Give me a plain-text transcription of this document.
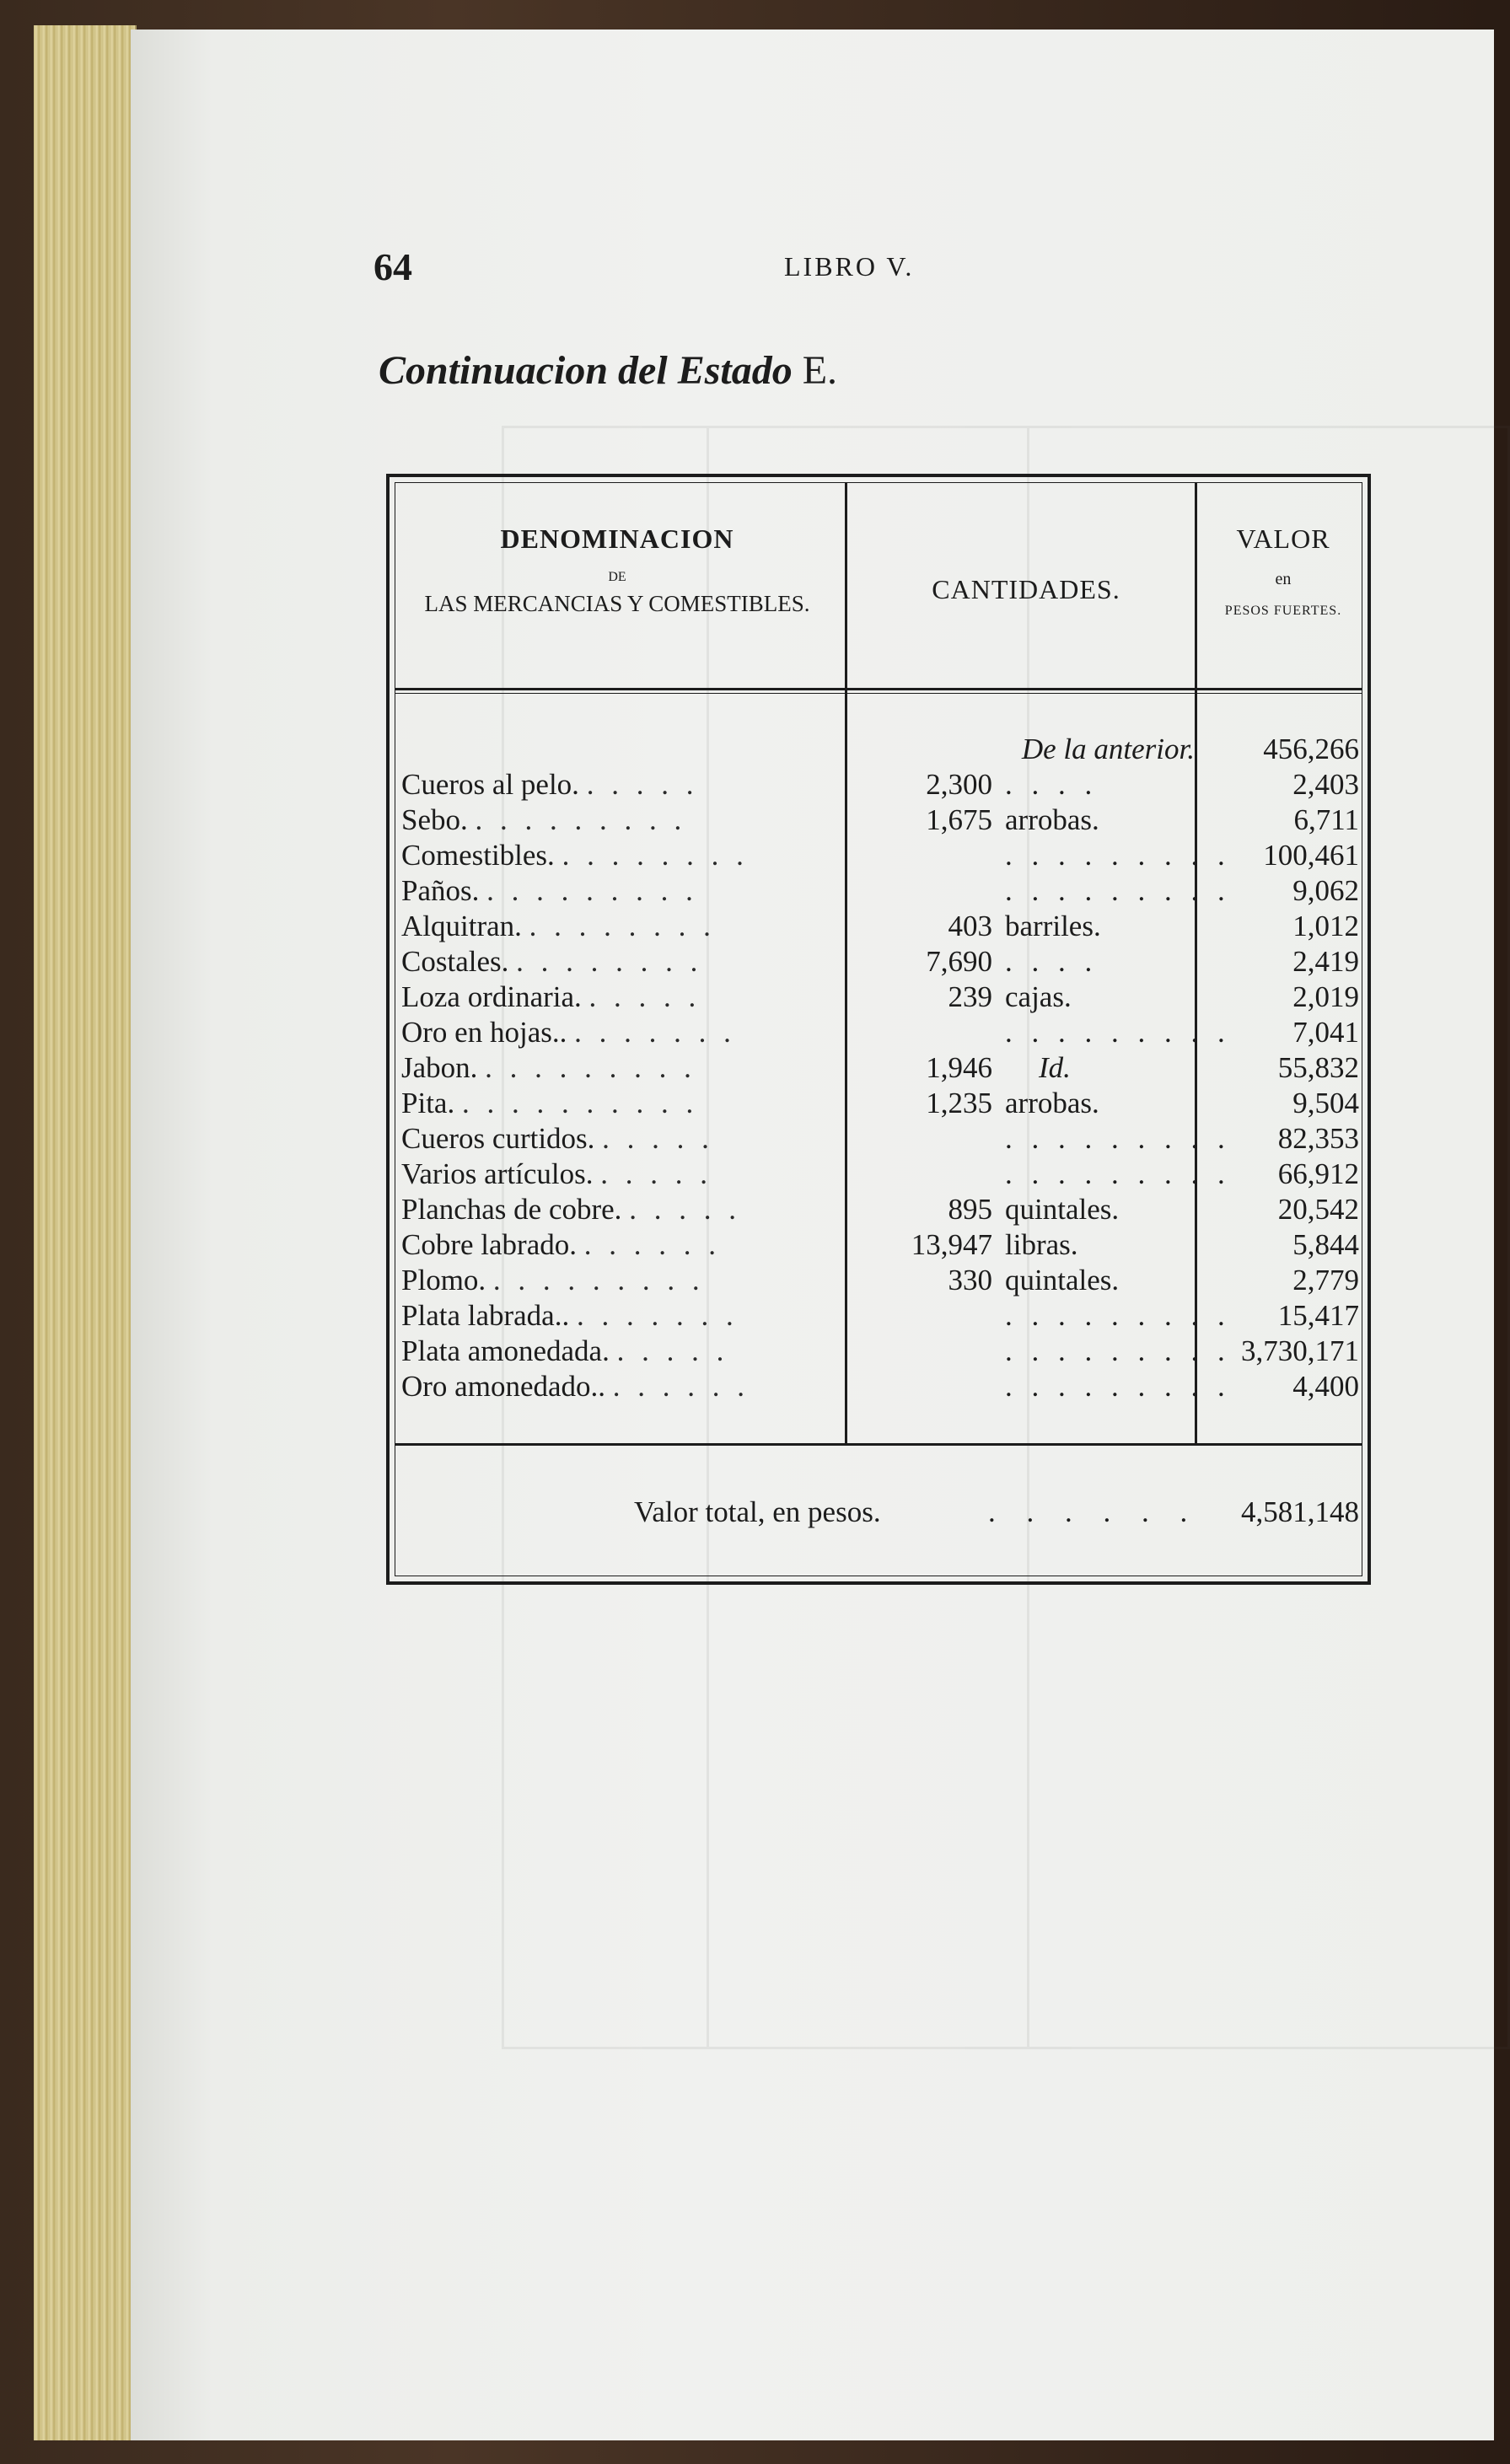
64	LIBRO V.
Continuacion del Estado E.
DENOMINACION
DE
LAS MERCANCIAS Y COMESTIBLES.	CANTIDADES.
VALOR
en
PESOS FUERTES.
De la anterior.	456,266
Cueros al pelo. . . . . .	2,300 . . . .	2,403
Sebo. . . . . . . . . .	1,675 arrobas.	6,711
Comestibles. . . . . . . . .	. . . . . . . . .	100,461
Paños. . . . . . . . . .	. . . . . . . . .	9,062
Alquitran. . . . . . . . .	403 barriles.	1,012
Costales. . . . . . . . .	7,690 . . . .	2,419
Loza ordinaria. . . . . .	239 cajas.	2,019
Oro en hojas.. . . . . . . .	. . . . . . . . .	7,041
Jabon. . . . . . . . . .	1,946	Id.	55,832
Pita. . . . . . . . . . .	1,235 arrobas.	9,504
Cueros curtidos. . . . . .	. . . . . . . . .	82,353
Varios artículos. . . . . .	. . . . . . . . .	66,912
Planchas de cobre. . . . . .	895 quintales.	20,542
Cobre labrado. . . . . . .	13,947 libras.	5,844
Plomo. . . . . . . . . .	330 quintales.	2,779
Plata labrada.. . . . . . . .	. . . . . . . . .	15,417
Plata amonedada. . . . . .	. . . . . . . . . 3,730,171
Oro amonedado.. . . . . . .	. . . . . . . . .	4,400
Valor total, en pesos.	. . . . . .	4,581,148
